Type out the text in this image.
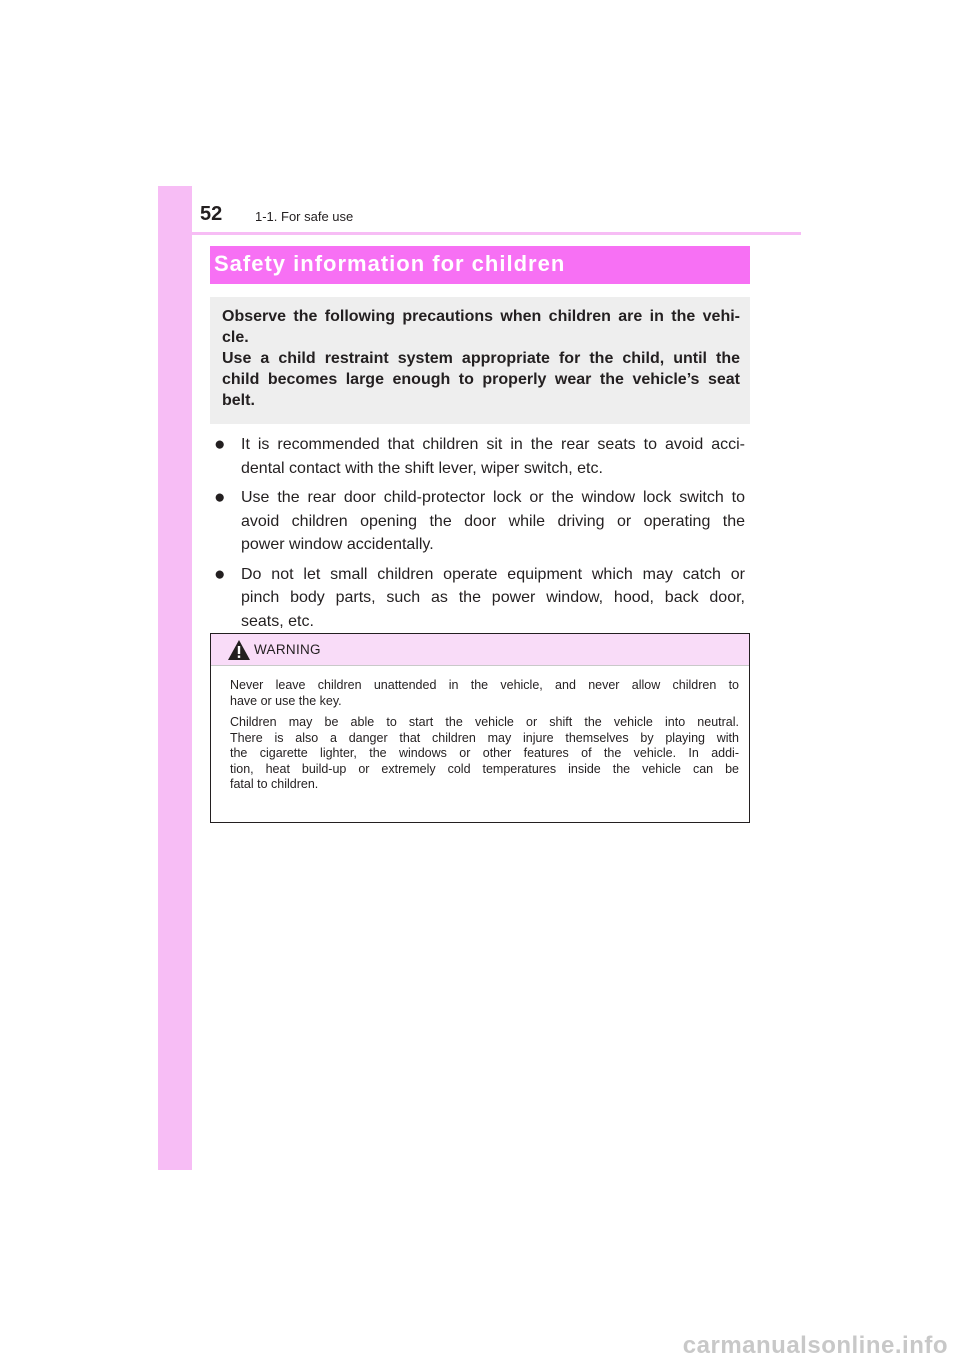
52	1-1. For safe use
Safety information for children
Observe the following precautions when children are in the vehi-
cle.
Use a child restraint system appropriate for the child, until the
child becomes large enough to properly wear the vehicle’s seat
belt.
● It is recommended that children sit in the rear seats to avoid acci-
dental contact with the shift lever, wiper switch, etc.
● Use the rear door child-protector lock or the window lock switch to
avoid children opening the door while driving or operating the
power window accidentally.
● Do not let small children operate equipment which may catch or
pinch body parts, such as the power window, hood, back door,
seats, etc.
WARNING
Never leave children unattended in the vehicle, and never allow children to
have or use the key.
Children may be able to start the vehicle or shift the vehicle into neutral.
There is also a danger that children may injure themselves by playing with
the cigarette lighter, the windows or other features of the vehicle. In addi-
tion, heat build-up or extremely cold temperatures inside the vehicle can be
fatal to children.
carmanualsonline.info
